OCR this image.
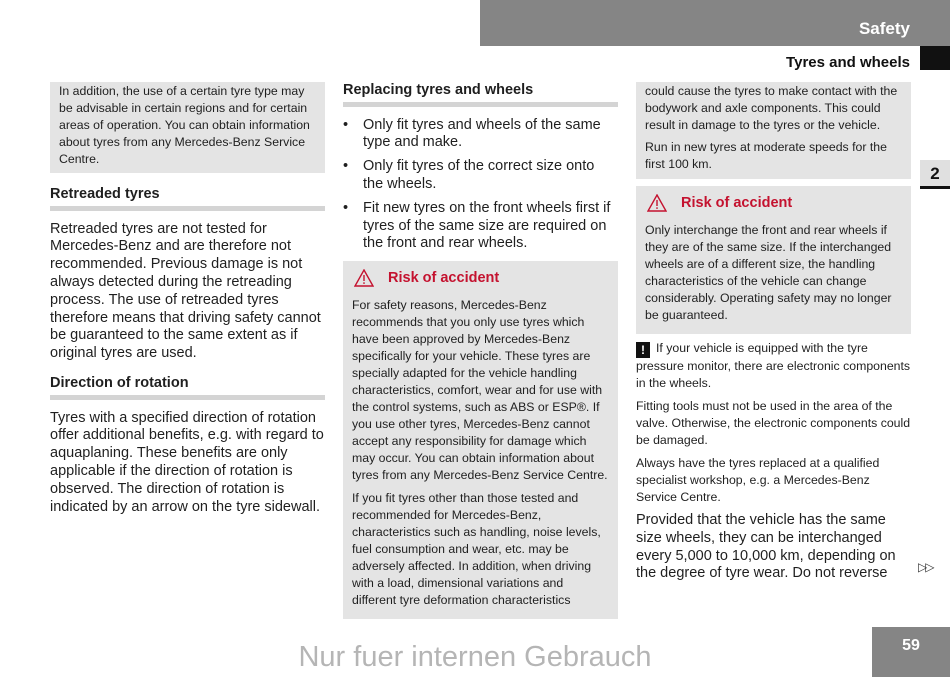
Safety
Tyres and wheels
2
▷▷
In addition, the use of a certain tyre type may be advisable in certain regions and for certain areas of operation. You can obtain information about tyres from any Mercedes-Benz Service Centre.
Retreaded tyres
Retreaded tyres are not tested for Mercedes-Benz and are therefore not recommended. Previous damage is not always detected during the retreading process. The use of retreaded tyres therefore means that driving safety cannot be guaranteed to the same extent as if original tyres are used.
Direction of rotation
Tyres with a specified direction of rotation offer additional benefits, e.g. with regard to aquaplaning. These benefits are only applicable if the direction of rotation is observed. The direction of rotation is indicated by an arrow on the tyre sidewall.
Replacing tyres and wheels
• Only fit tyres and wheels of the same type and make.
• Only fit tyres of the correct size onto the wheels.
• Fit new tyres on the front wheels first if tyres of the same size are required on the front and rear wheels.
Risk of accident

For safety reasons, Mercedes-Benz recommends that you only use tyres which have been approved by Mercedes-Benz specifically for your vehicle. These tyres are specially adapted for the vehicle handling characteristics, comfort, wear and for use with the control systems, such as ABS or ESP®. If you use other tyres, Mercedes-Benz cannot accept any responsibility for damage which may occur. You can obtain information about tyres from any Mercedes-Benz Service Centre.

If you fit tyres other than those tested and recommended for Mercedes-Benz, characteristics such as handling, noise levels, fuel consumption and wear, etc. may be adversely affected. In addition, when driving with a load, dimensional variations and different tyre deformation characteristics

could cause the tyres to make contact with the bodywork and axle components. This could result in damage to the tyres or the vehicle.

Run in new tyres at moderate speeds for the first 100 km.

Risk of accident

Only interchange the front and rear wheels if they are of the same size. If the interchanged wheels are of a different size, the handling characteristics of the vehicle can change considerably. Operating safety may no longer be guaranteed.

! If your vehicle is equipped with the tyre pressure monitor, there are electronic components in the wheels.
Fitting tools must not be used in the area of the valve. Otherwise, the electronic components could be damaged.
Always have the tyres replaced at a qualified specialist workshop, e.g. a Mercedes-Benz Service Centre.
Provided that the vehicle has the same size wheels, they can be interchanged every 5,000 to 10,000 km, depending on the degree of tyre wear. Do not reverse
59
Nur fuer internen Gebrauch
